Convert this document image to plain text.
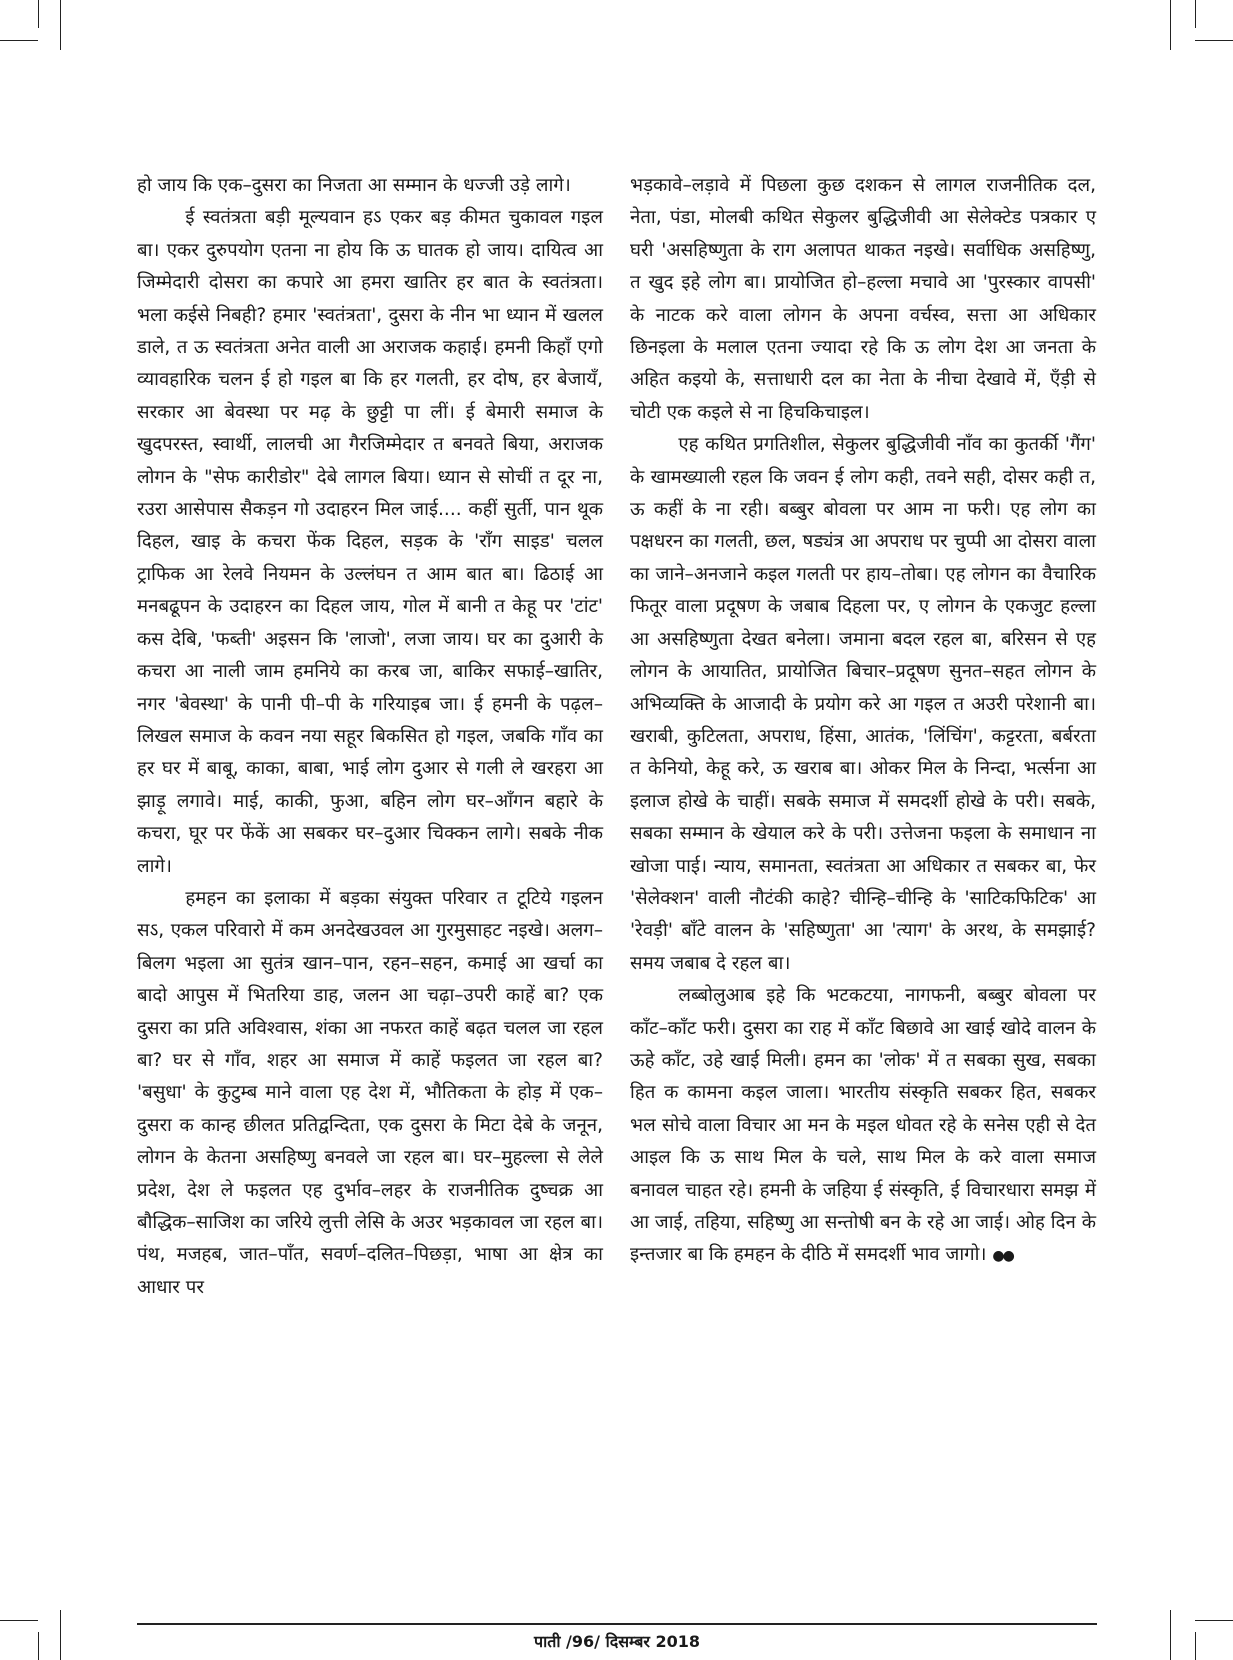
हो जाय कि एक–दुसरा का निजता आ सम्मान के धज्जी उड़े लागे।

ई स्वतंत्रता बड़ी मूल्यवान हऽ एकर बड़ कीमत चुकावल गइल बा। एकर दुरुपयोग एतना ना होय कि ऊ घातक हो जाय। दायित्व आ जिम्मेदारी दोसरा का कपारे आ हमरा खातिर हर बात के स्वतंत्रता। भला कईसे निबही? हमार 'स्वतंत्रता', दुसरा के नीन भा ध्यान में खलल डाले, त ऊ स्वतंत्रता अनेत वाली आ अराजक कहाई। हमनी किहाँ एगो व्यावहारिक चलन ई हो गइल बा कि हर गलती, हर दोष, हर बेजायँ, सरकार आ बेवस्था पर मढ़ के छुट्टी पा लीं। ई बेमारी समाज के खुदपरस्त, स्वार्थी, लालची आ गैरजिम्मेदार त बनवते बिया, अराजक लोगन के "सेफ कारीडोर" देबे लागल बिया। ध्यान से सोचीं त दूर ना, रउरा आसेपास सैकड़न गो उदाहरन मिल जाई.... कहीं सुर्ती, पान थूक दिहल, खाइ के कचरा फेंक दिहल, सड़क के 'राँग साइड' चलल ट्राफिक आ रेलवे नियमन के उल्लंघन त आम बात बा। ढिठाई आ मनबढूपन के उदाहरन का दिहल जाय, गोल में बानी त केहू पर 'टांट' कस देबि, 'फब्ती' अइसन कि 'लाजो', लजा जाय। घर का दुआरी के कचरा आ नाली जाम हमनिये का करब जा, बाकिर सफाई–खातिर, नगर 'बेवस्था' के पानी पी–पी के गरियाइब जा। ई हमनी के पढ़ल–लिखल समाज के कवन नया सहूर बिकसित हो गइल, जबकि गाँव का हर घर में बाबू, काका, बाबा, भाई लोग दुआर से गली ले खरहरा आ झाड़ू लगावे। माई, काकी, फुआ, बहिन लोग घर–आँगन बहारे के कचरा, घूर पर फेंकें आ सबकर घर–दुआर चिक्कन लागे। सबके नीक लागे।

हमहन का इलाका में बड़का संयुक्त परिवार त टूटिये गइलन सऽ, एकल परिवारो में कम अनदेखउवल आ गुरमुसाहट नइखे। अलग–बिलग भइला आ सुतंत्र खान–पान, रहन–सहन, कमाई आ खर्चा का बादो आपुस में भितरिया डाह, जलन आ चढ़ा–उपरी काहें बा? एक दुसरा का प्रति अविश्वास, शंका आ नफरत काहें बढ़त चलल जा रहल बा? घर से गाँव, शहर आ समाज में काहें फइलत जा रहल बा? 'बसुधा' के कुटुम्ब माने वाला एह देश में, भौतिकता के होड़ में एक–दुसरा क कान्ह छीलत प्रतिद्वन्दिता, एक दुसरा के मिटा देबे के जनून, लोगन के केतना असहिष्णु बनवले जा रहल बा। घर–मुहल्ला से लेले प्रदेश, देश ले फइलत एह दुर्भाव–लहर के राजनीतिक दुष्चक्र आ बौद्धिक–साजिश का जरिये लुत्ती लेसि के अउर भड़कावल जा रहल बा। पंथ, मजहब, जात–पाँत, सवर्ण–दलित–पिछड़ा, भाषा आ क्षेत्र का आधार पर

भड़कावे–लड़ावे में पिछला कुछ दशकन से लागल राजनीतिक दल, नेता, पंडा, मोलबी कथित सेकुलर बुद्धिजीवी आ सेलेक्टेड पत्रकार ए घरी 'असहिष्णुता के राग अलापत थाकत नइखे। सर्वाधिक असहिष्णु, त खुद इहे लोग बा। प्रायोजित हो–हल्ला मचावे आ 'पुरस्कार वापसी' के नाटक करे वाला लोगन के अपना वर्चस्व, सत्ता आ अधिकार छिनइला के मलाल एतना ज्यादा रहे कि ऊ लोग देश आ जनता के अहित कइयो के, सत्ताधारी दल का नेता के नीचा देखावे में, एँड़ी से चोटी एक कइले से ना हिचकिचाइल।

एह कथित प्रगतिशील, सेकुलर बुद्धिजीवी नाँव का कुतर्की 'गैंग' के खामख्याली रहल कि जवन ई लोग कही, तवने सही, दोसर कही त, ऊ कहीं के ना रही। बब्बुर बोवला पर आम ना फरी। एह लोग का पक्षधरन का गलती, छल, षड्यंत्र आ अपराध पर चुप्पी आ दोसरा वाला का जाने–अनजाने कइल गलती पर हाय–तोबा। एह लोगन का वैचारिक फितूर वाला प्रदूषण के जबाब दिहला पर, ए लोगन के एकजुट हल्ला आ असहिष्णुता देखत बनेला। जमाना बदल रहल बा, बरिसन से एह लोगन के आयातित, प्रायोजित बिचार–प्रदूषण सुनत–सहत लोगन के अभिव्यक्ति के आजादी के प्रयोग करे आ गइल त अउरी परेशानी बा। खराबी, कुटिलता, अपराध, हिंसा, आतंक, 'लिंचिंग', कट्टरता, बर्बरता त केनियो, केहू करे, ऊ खराब बा। ओकर मिल के निन्दा, भर्त्सना आ इलाज होखे के चाहीं। सबके समाज में समदर्शी होखे के परी। सबके, सबका सम्मान के खेयाल करे के परी। उत्तेजना फइला के समाधान ना खोजा पाई। न्याय, समानता, स्वतंत्रता आ अधिकार त सबकर बा, फेर 'सेलेक्शन' वाली नौटंकी काहे? चीन्हि–चीन्हि के 'साटिकफिटिक' आ 'रेवड़ी' बाँटे वालन के 'सहिष्णुता' आ 'त्याग' के अरथ, के समझाई? समय जबाब दे रहल बा।

लब्बोलुआब इहे कि भटकटया, नागफनी, बब्बुर बोवला पर काँट–काँट फरी। दुसरा का राह में काँट बिछावे आ खाई खोदे वालन के ऊहे काँट, उहे खाई मिली। हमन का 'लोक' में त सबका सुख, सबका हित क कामना कइल जाला। भारतीय संस्कृति सबकर हित, सबकर भल सोचे वाला विचार आ मन के मइल धोवत रहे के सनेस एही से देत आइल कि ऊ साथ मिल के चले, साथ मिल के करे वाला समाज बनावल चाहत रहे। हमनी के जहिया ई संस्कृति, ई विचारधारा समझ में आ जाई, तहिया, सहिष्णु आ सन्तोषी बन के रहे आ जाई। ओह दिन के इन्तजार बा कि हमहन के दीठि में समदर्शी भाव जागो। ●●

पाती /96/ दिसम्बर 2018
